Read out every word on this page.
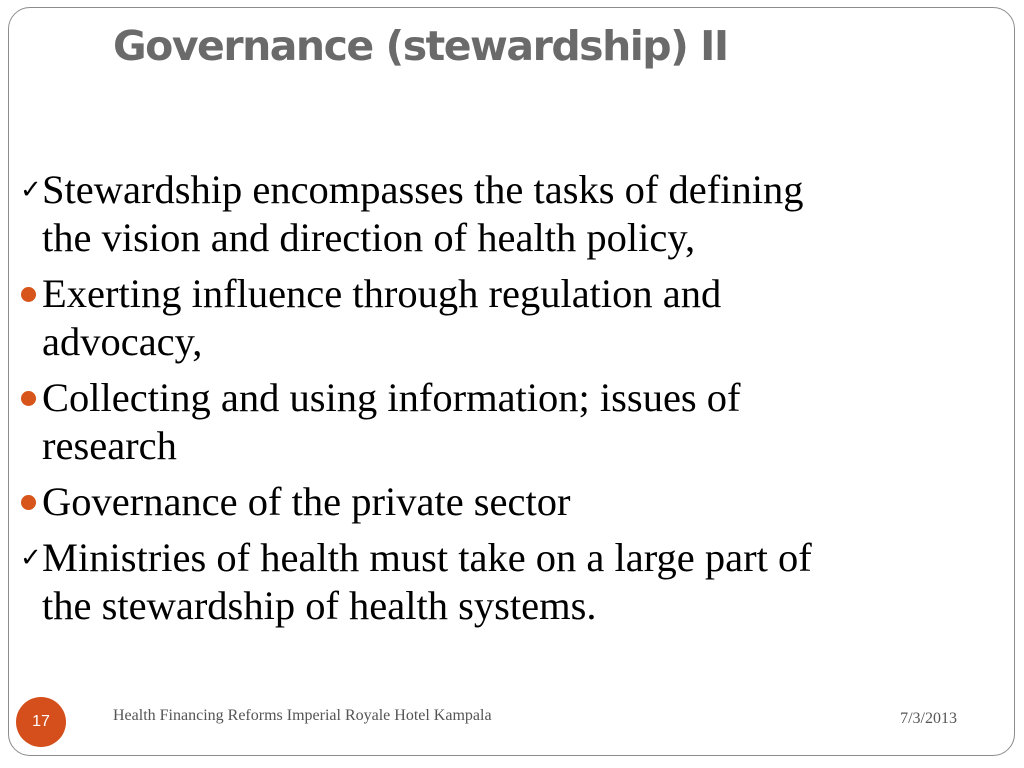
Governance (stewardship) II
✓ Stewardship encompasses the tasks of defining
the vision and direction of health policy,
Exerting influence through regulation and
advocacy,
Collecting and using information; issues of
research
Governance of the private sector
✓ Ministries of health must take on a large part of
the stewardship of health systems.
17	Health Financing Reforms Imperial Royale Hotel Kampala	7/3/2013
